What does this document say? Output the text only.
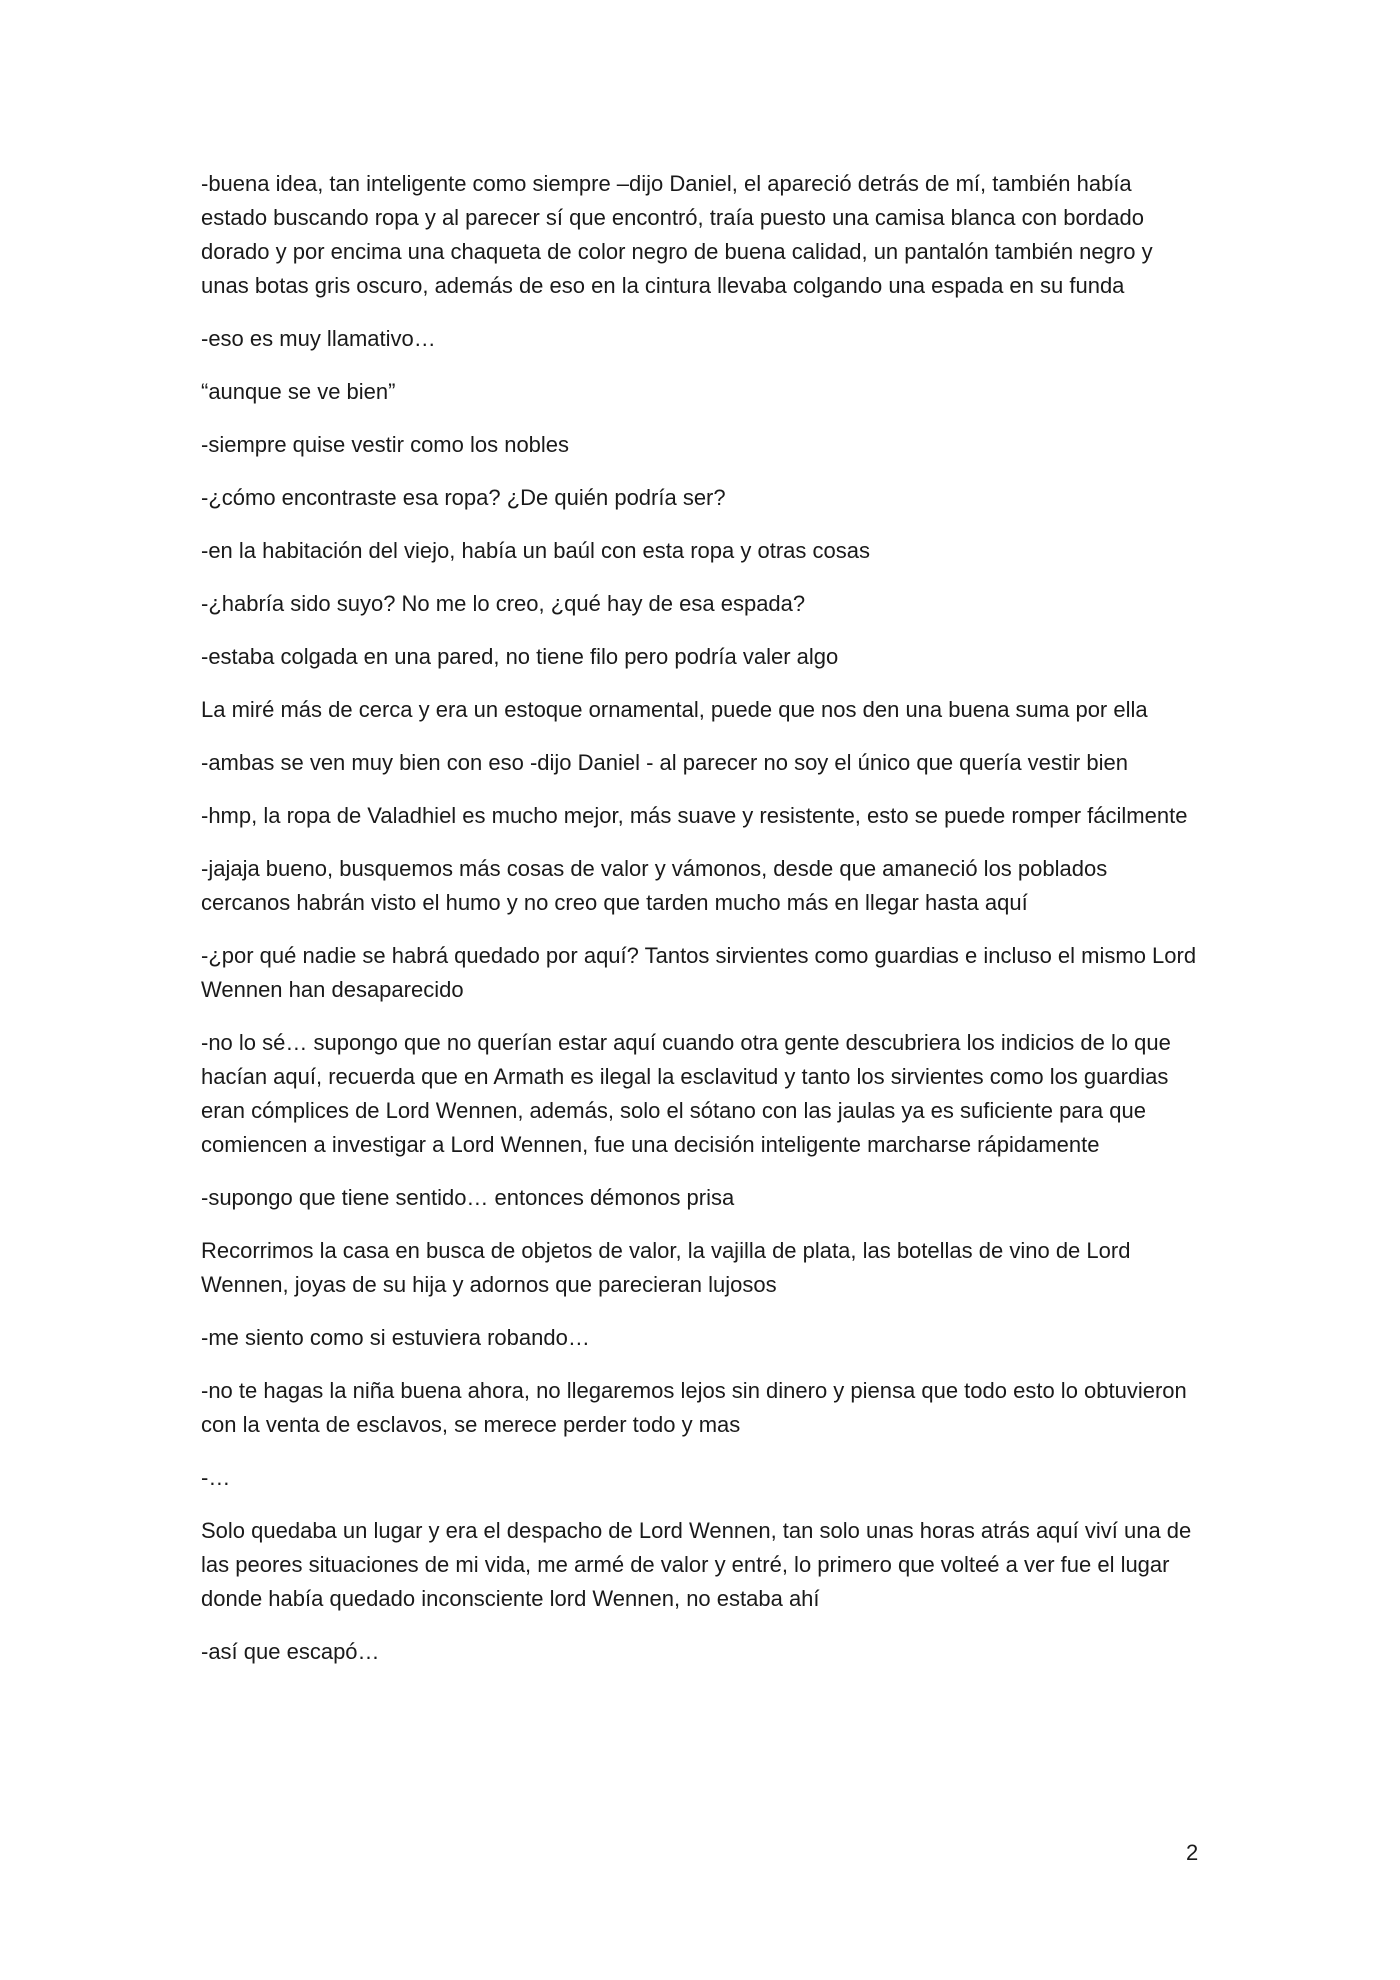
-buena idea, tan inteligente como siempre –dijo Daniel, el apareció detrás de mí, también había estado buscando ropa y al parecer sí que encontró, traía puesto una camisa blanca con bordado dorado y por encima una chaqueta de color negro de buena calidad, un pantalón también negro y unas botas gris oscuro, además de eso en la cintura llevaba colgando una espada en su funda

-eso es muy llamativo…

“aunque se ve bien”

-siempre quise vestir como los nobles

-¿cómo encontraste esa ropa? ¿De quién podría ser?

-en la habitación del viejo, había un baúl con esta ropa y otras cosas

-¿habría sido suyo? No me lo creo, ¿qué hay de esa espada?

-estaba colgada en una pared, no tiene filo pero podría valer algo

La miré más de cerca y era un estoque ornamental, puede que nos den una buena suma por ella

-ambas se ven muy bien con eso -dijo Daniel - al parecer no soy el único que quería vestir bien

-hmp, la ropa de Valadhiel es mucho mejor, más suave y resistente, esto se puede romper fácilmente

-jajaja bueno, busquemos más cosas de valor y vámonos, desde que amaneció los poblados cercanos habrán visto el humo y no creo que tarden mucho más en llegar hasta aquí

-¿por qué nadie se habrá quedado por aquí? Tantos sirvientes como guardias e incluso el mismo Lord Wennen han desaparecido

-no lo sé… supongo que no querían estar aquí cuando otra gente descubriera los indicios de lo que hacían aquí, recuerda que en Armath es ilegal la esclavitud y tanto los sirvientes como los guardias eran cómplices de Lord Wennen, además, solo el sótano con las jaulas ya es suficiente para que comiencen a investigar a Lord Wennen, fue una decisión inteligente marcharse rápidamente

-supongo que tiene sentido… entonces démonos prisa

Recorrimos la casa en busca de objetos de valor, la vajilla de plata, las botellas de vino de Lord Wennen, joyas de su hija y adornos que parecieran lujosos

-me siento como si estuviera robando…

-no te hagas la niña buena ahora, no llegaremos lejos sin dinero y piensa que todo esto lo obtuvieron con la venta de esclavos, se merece perder todo y mas

-…

Solo quedaba un lugar y era el despacho de Lord Wennen, tan solo unas horas atrás aquí viví una de las peores situaciones de mi vida, me armé de valor y entré, lo primero que volteé a ver fue el lugar donde había quedado inconsciente lord Wennen, no estaba ahí

-así que escapó…

2
